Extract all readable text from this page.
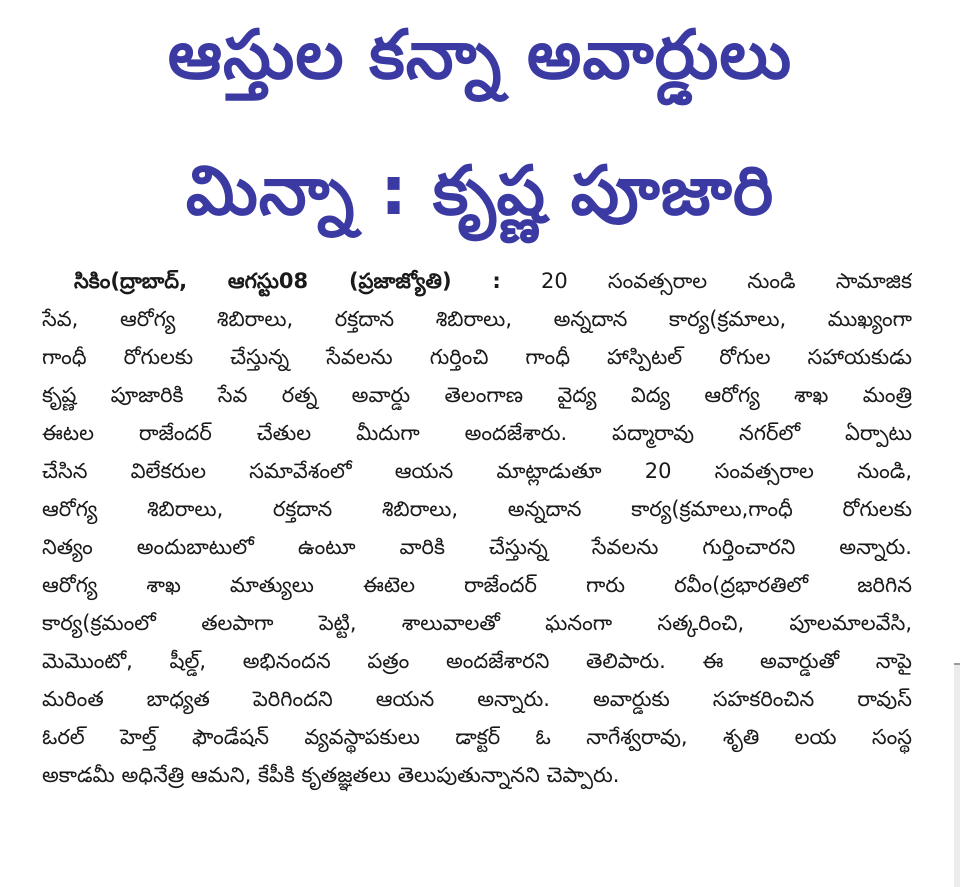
ఆస్తుల కన్నా అవార్డులు
మిన్నా : కృష్ణ పూజారి
సికిం(ద్రాబాద్‌, ఆగస్టు08 (ప్రజాజ్యోతి) : 20 సంవత్సరాల నుండి సామాజిక
సేవ, ఆరోగ్య శిబిరాలు, రక్తదాన శిబిరాలు, అన్నదాన కార్య(క్రమాలు, ముఖ్యంగా
గాంధీ రోగులకు చేస్తున్న సేవలను గుర్తించి గాంధీ హాస్పిటల్‌ రోగుల సహాయకుడు
కృష్ణ పూజారికి సేవ రత్న అవార్డు తెలంగాణ వైద్య విద్య ఆరోగ్య శాఖ మంత్రి
ఈటల రాజేందర్‌ చేతుల మీదుగా అందజేశారు. పద్మారావు నగర్‌లో ఏర్పాటు
చేసిన విలేకరుల సమావేశంలో ఆయన మాట్లాడుతూ 20 సంవత్సరాల నుండి,
ఆరోగ్య శిబిరాలు, రక్తదాన శిబిరాలు, అన్నదాన కార్య(క్రమాలు,గాంధీ రోగులకు
నిత్యం అందుబాటులో ఉంటూ వారికి చేస్తున్న సేవలను గుర్తించారని అన్నారు.
ఆరోగ్య శాఖ మాత్యులు ఈటెల రాజేందర్‌ గారు రవీం(ద్రభారతిలో జరిగిన
కార్య(క్రమంలో తలపాగా పెట్టి, శాలువాలతో ఘనంగా సత్కరించి, పూలమాలవేసి,
మెమొంటో, షీల్డ్‌, అభినందన పత్రం అందజేశారని తెలిపారు. ఈ అవార్డుతో నాపై
మరింత బాధ్యత పెరిగిందని ఆయన అన్నారు. అవార్డుకు సహకరించిన రావుస్‌
ఓరల్‌ హెల్త్‌ ఫౌండేషన్‌ వ్యవస్థాపకులు డాక్టర్‌ ఓ నాగేశ్వరావు, శృతి లయ సంస్థ
అకాడమీ అధినేత్రి ఆమని, కేపీకి కృతజ్ఞతలు తెలుపుతున్నానని చెప్పారు.
